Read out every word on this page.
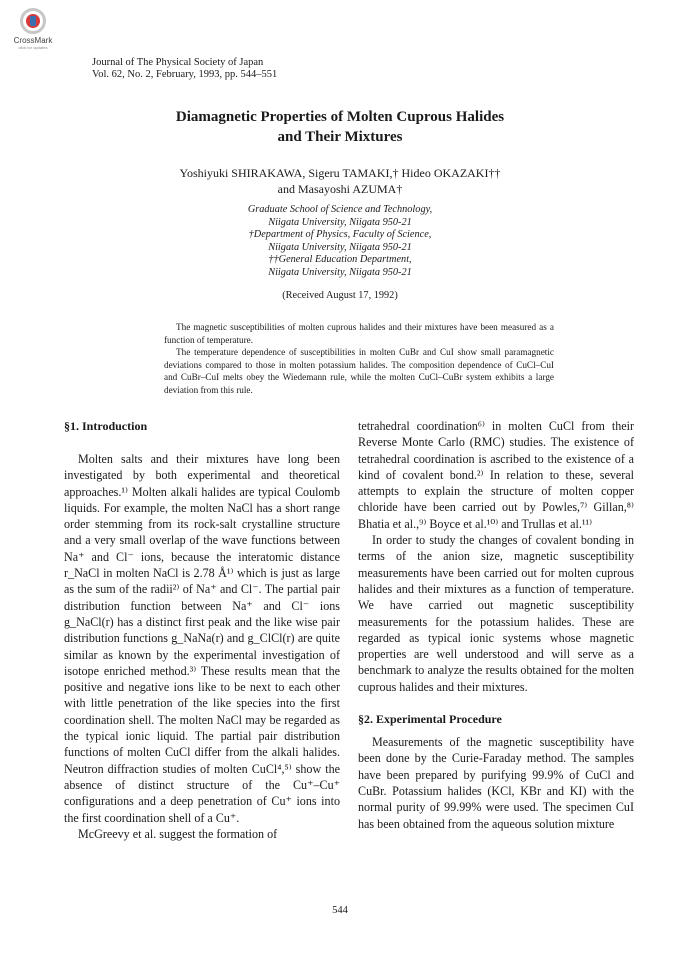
CrossMark
click for updates
Journal of The Physical Society of Japan
Vol. 62, No. 2, February, 1993, pp. 544–551
Diamagnetic Properties of Molten Cuprous Halides
and Their Mixtures
Yoshiyuki SHIRAKAWA, Sigeru TAMAKI,† Hideo OKAZAKI††
and Masayoshi AZUMA†
Graduate School of Science and Technology,
Niigata University, Niigata 950-21
†Department of Physics, Faculty of Science,
Niigata University, Niigata 950-21
††General Education Department,
Niigata University, Niigata 950-21
(Received August 17, 1992)

The magnetic susceptibilities of molten cuprous halides and their mixtures have been measured as a function of temperature.

The temperature dependence of susceptibilities in molten CuBr and CuI show small paramagnetic deviations compared to those in molten potassium halides. The composition dependence of CuCl–CuI and CuBr–CuI melts obey the Wiedemann rule, while the molten CuCl–CuBr system exhibits a large deviation from this rule.

§1. Introduction

Molten salts and their mixtures have long been investigated by both experimental and theoretical approaches.¹⁾ Molten alkali halides are typical Coulomb liquids. For example, the molten NaCl has a short range order stemming from its rock-salt crystalline structure and a very small overlap of the wave functions between Na⁺ and Cl⁻ ions, because the interatomic distance r_NaCl in molten NaCl is 2.78 Å¹⁾ which is just as large as the sum of the radii²⁾ of Na⁺ and Cl⁻. The partial pair distribution function between Na⁺ and Cl⁻ ions g_NaCl(r) has a distinct first peak and the like wise pair distribution functions g_NaNa(r) and g_ClCl(r) are quite similar as known by the experimental investigation of isotope enriched method.³⁾ These results mean that the positive and negative ions like to be next to each other with little penetration of the like species into the first coordination shell. The molten NaCl may be regarded as the typical ionic liquid. The partial pair distribution functions of molten CuCl differ from the alkali halides. Neutron diffraction studies of molten CuCl⁴,⁵⁾ show the absence of distinct structure of the Cu⁺–Cu⁺ configurations and a deep penetration of Cu⁺ ions into the first coordination shell of a Cu⁺.

McGreevy et al. suggest the formation of

tetrahedral coordination⁶⁾ in molten CuCl from their Reverse Monte Carlo (RMC) studies. The existence of tetrahedral coordination is ascribed to the existence of a kind of covalent bond.²⁾ In relation to these, several attempts to explain the structure of molten copper chloride have been carried out by Powles,⁷⁾ Gillan,⁸⁾ Bhatia et al.,⁹⁾ Boyce et al.¹⁰⁾ and Trullas et al.¹¹⁾

In order to study the changes of covalent bonding in terms of the anion size, magnetic susceptibility measurements have been carried out for molten cuprous halides and their mixtures as a function of temperature. We have carried out magnetic susceptibility measurements for the potassium halides. These are regarded as typical ionic systems whose magnetic properties are well understood and will serve as a benchmark to analyze the results obtained for the molten cuprous halides and their mixtures.

§2. Experimental Procedure

Measurements of the magnetic susceptibility have been done by the Curie-Faraday method. The samples have been prepared by purifying 99.9% of CuCl and CuBr. Potassium halides (KCl, KBr and KI) with the normal purity of 99.99% were used. The specimen CuI has been obtained from the aqueous solution mixture

544
